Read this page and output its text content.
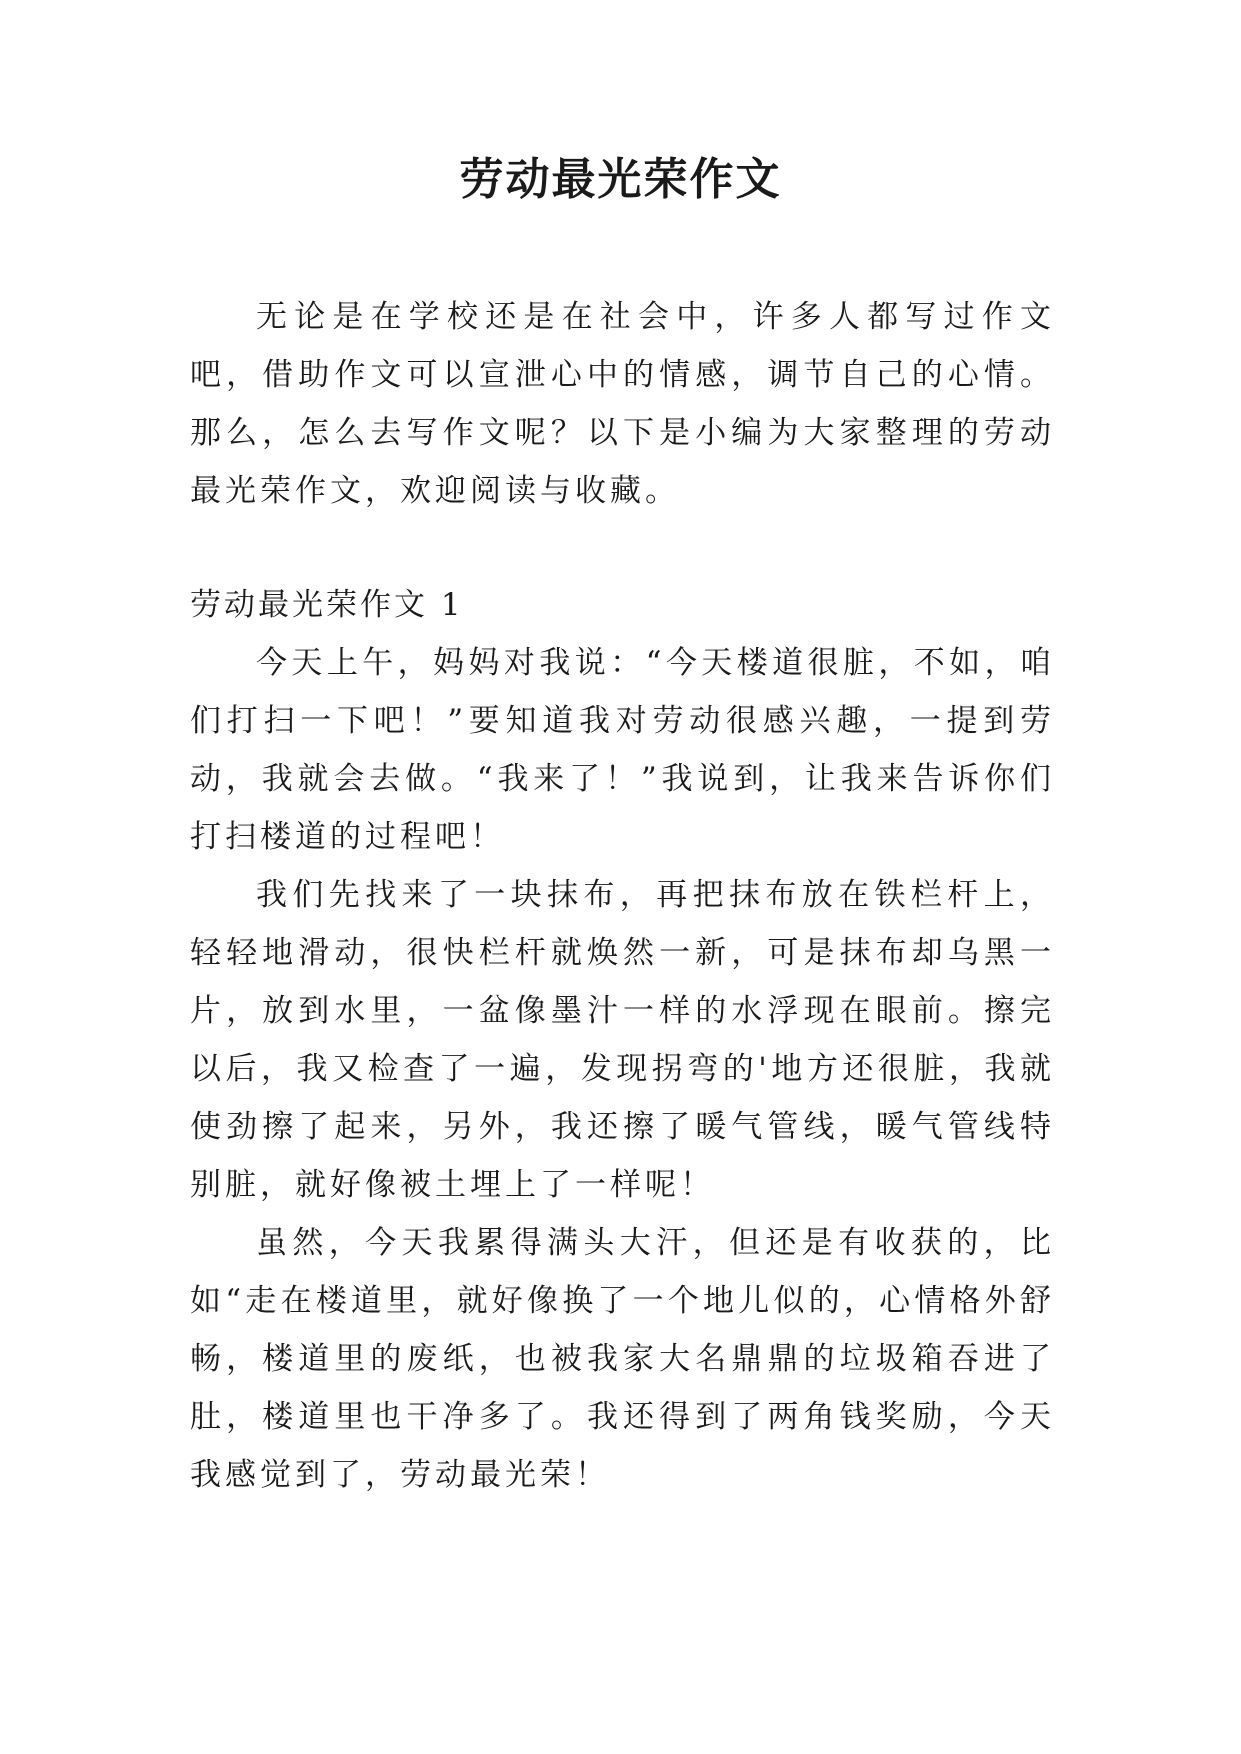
劳动最光荣作文

无论是在学校还是在社会中，许多人都写过作文吧，借助作文可以宣泄心中的情感，调节自己的心情。那么，怎么去写作文呢？以下是小编为大家整理的劳动最光荣作文，欢迎阅读与收藏。

劳动最光荣作文 1

今天上午，妈妈对我说：“今天楼道很脏，不如，咱们打扫一下吧！”要知道我对劳动很感兴趣，一提到劳动，我就会去做。“我来了！”我说到，让我来告诉你们打扫楼道的过程吧！

我们先找来了一块抹布，再把抹布放在铁栏杆上，轻轻地滑动，很快栏杆就焕然一新，可是抹布却乌黑一片，放到水里，一盆像墨汁一样的水浮现在眼前。擦完以后，我又检查了一遍，发现拐弯的'地方还很脏，我就使劲擦了起来，另外，我还擦了暖气管线，暖气管线特别脏，就好像被土埋上了一样呢！

虽然，今天我累得满头大汗，但还是有收获的，比如“走在楼道里，就好像换了一个地儿似的，心情格外舒畅，楼道里的废纸，也被我家大名鼎鼎的垃圾箱吞进了肚，楼道里也干净多了。我还得到了两角钱奖励，今天我感觉到了，劳动最光荣！
